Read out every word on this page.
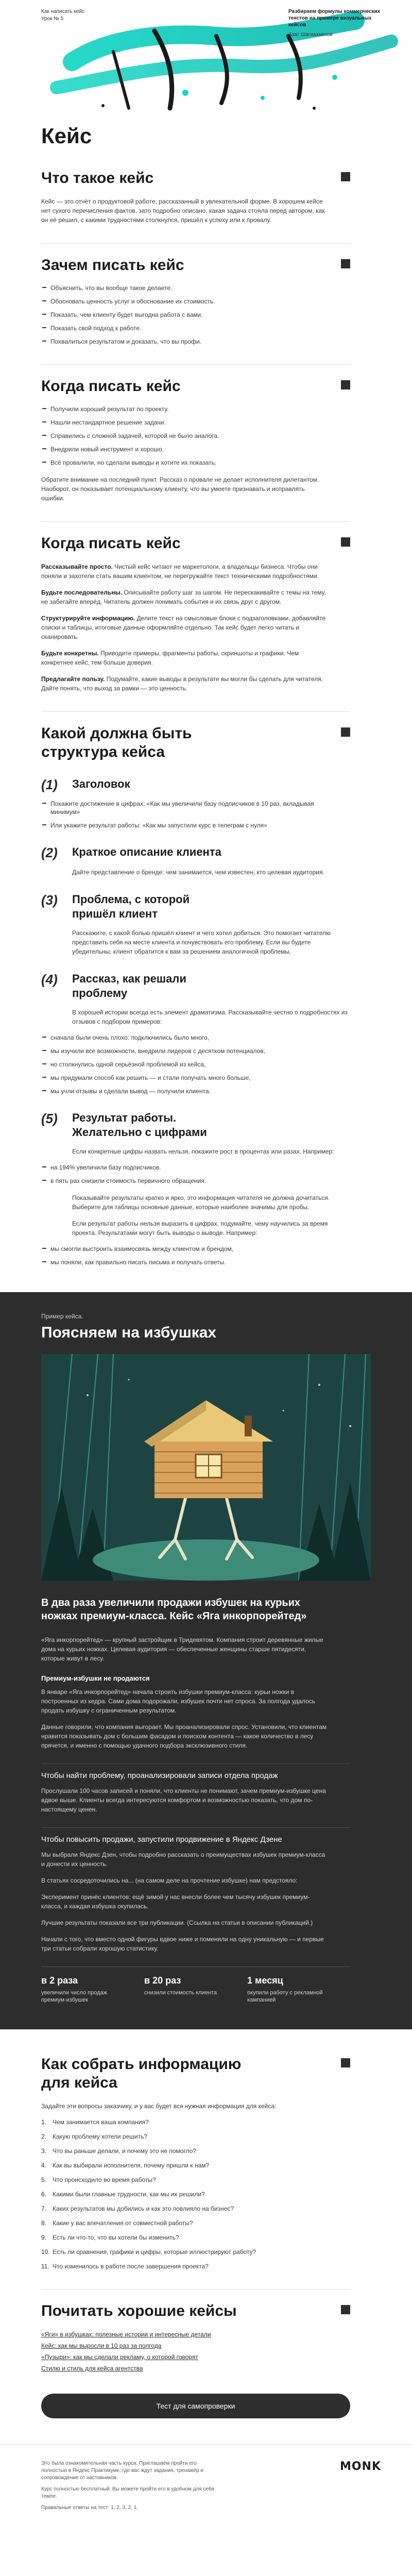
Как написать кейс
Урок № 5
Разбираем формулы коммерческих текстов на примере визуальных кейсов
Азат Шагиахметов
Кейс
Что такое кейс

Кейс — это отчёт о продуктовой работе, рассказанный в увлекательной форме. В хорошем кейсе нет сухого перечисления фактов, зато подробно описано, какая задача стояла перед автором, как он её решил, с какими трудностями столкнулся, пришёл к успеху или к провалу.

Зачем писать кейс
Объяснить, что вы вообще такое делаете.
Обосновать ценность услуг и обоснование их стоимость.
Показать, чем клиенту будет выгодна работа с вами.
Показать свой подход к работе.
Похвалиться результатом и доказать, что вы профи.
Когда писать кейс
Получили хороший результат по проекту.
Нашли нестандартное решение задачи.
Справились с сложной задачей, которой не было аналога.
Внедрили новый инструмент и хорошо.
Всё провалили, но сделали выводы и хотите их показать.

Обратите внимание на последний пункт. Рассказ о провале не делает исполнителя дилетантом. Наоборот, он показывает потенциальному клиенту, что вы умеете признавать и исправлять ошибки.

Когда писать кейс

Рассказывайте просто. Чистый кейс читают не маркетологи, а владельцы бизнеса. Чтобы они поняли и захотели стать вашим клиентом, не перегружайте текст техническими подробностями.

Будьте последовательны. Описывайте работу шаг за шагом. Не перескакивайте с темы на тему, не забегайте вперёд. Читатель должен понимать события и их связь друг с другом.

Структурируйте информацию. Делите текст на смысловые блоки с подзаголовками, добавляйте списки и таблицы, итоговые данные оформляйте отдельно. Так кейс будет легко читать и сканировать.

Будьте конкретны. Приводите примеры, фрагменты работы, скриншоты и графики. Чем конкретнее кейс, тем больше доверия.

Предлагайте пользу. Подумайте, какие выводы в результате вы могли бы сделать для читателя. Дайте понять, что выход за рамки — это ценность.

Какой должна быть структура кейса
(1)	Заголовок
Покажите достижение в цифрах: «Как мы увеличили базу подписчиков в 10 раз, вкладывая минимум»
Или укажите результат работы: «Как мы запустили курс в телеграм с нуля»
(2)	Краткое описание клиента

Дайте представление о бренде: чем занимается, чем известен, кто целевая аудитория.

(3)	Проблема, с которой пришёл клиент

Расскажите, с какой болью пришёл клиент и чего хотел добиться. Это помогает читателю представить себя на месте клиента и почувствовать его проблему. Если вы будете убедительны, клиент обратится к вам за решением аналогичной проблемы.

(4)	Рассказ, как решали проблему

В хорошей истории всегда есть элемент драматизма. Рассказывайте честно о подробностях из отзывов с подбором примеров:

сначала были очень плохо: подключились было много,
мы изучили все возможности, внедрили лидеров с десятком потенциалов,
но столкнулись одной серьёзной проблемой из кейса,
мы придумали способ как решить — и стали получать много больше,
мы учли отзывы и сделали вывод — получили клиента.
(5)	Результат работы. Желательно с цифрами

Если конкретные цифры назвать нельзя, покажите рост в процентах или разах. Например:

на 194% увеличили базу подписчиков.
в пять раз снизили стоимость первичного обращения.

Показывайте результаты кратко и ярко, это информация читателя не должна дочитаться. Выберите для таблицы основные данные, которые наиболее значимы для пробы.

Если результат работы нельзя выразить в цифрах, подумайте, чему научились за время проекта. Результатами могут быть выводы о выводе. Например:

мы смогли выстроить взаимосвязь между клиентом и брендом,
мы поняли, как правильно писать письма и получать ответы.
Пример кейса.
Поясняем на избушках
В два раза увеличили продажи избушек на курьих ножках премиум-класса. Кейс «Яга инкорпорейтед»

«Яга инкорпорейтед» — крупный застройщик в Тридевятом. Компания строит деревянные жилые дома на курьих ножках. Целевая аудитория — обеспеченные женщины старше пятидесяти, которые живут в лесу.

Премиум-избушки не продаются

В январе «Яга инкорпорейтед» начала строить избушки премиум-класса: курьи ножки в построенных из кедра. Сами дома подорожали, избушек почти нет спроса. За полгода удалось продать избушку с ограниченным результатом.

Данные говорили, что компания выгорает. Мы проанализировали спрос. Установили, что клиентам нравится показывать дом с большим фасадом и поиском контента — какое количество в лесу прячется, и именно с помощью удачного подбора эксклюзивного стиля.

Чтобы найти проблему, проанализировали записи отдела продаж

Прослушали 100 часов записей и поняли, что клиенты не понимают, зачем премиум-избушке цена вдвое выше. Клиенты всегда интересуются комфортом и возможностью показать, что дом по-настоящему ценен.

Чтобы повысить продажи, запустили продвижение в Яндекс Дзене

Мы выбрали Яндекс Дзен, чтобы подробно рассказать о преимуществах избушек премиум-класса и донести их ценность.

В статьях сосредоточились на... (на самом деле на прочтение избушке) нам предстояло:

Эксперимент принёс клиентов: ещё зимой у нас внесли более чем тысячу избушек премиум-класса, и каждая избушка окупилась.

Лучшие результаты показали все три публикации. (Ссылка на статьи в описании публикаций.)

Начали с того, что вместо одной фигуры вдвое ниже и поменяли на одну уникальную — и первые три статьи собрали хорошую статистику.

в 2 раза
увеличили число продаж премиум-избушек
в 20 раз
снизили стоимость клиента
1 месяц
окупили работу с рекламной кампанией
Как собрать информацию для кейса

Задайте эти вопросы заказчику, и у вас будет вся нужная информация для кейса:

1. Чем занимается ваша компания?
2. Какую проблему хотели решить?
3. Что вы раньше делали, и почему это не помогло?
4. Как вы выбирали исполнителя, почему пришли к нам?
5. Что происходило во время работы?
6. Какими были главные трудности, как мы их решили?
7. Каких результатов мы добились и как это повлияло на бизнес?
8. Какие у вас впечатления от совместной работы?
9. Есть ли что-то, что вы хотели бы изменить?
10. Есть ли сравнения, графики и цифры, которые иллюстрируют работу?
11. Что изменилось в работе после завершения проекта?
Почитать хорошие кейсы
«Яги» в избушках: полезные истории и интересные детали
Кейс: как мы выросли в 10 раз за полгода
«Пузыри»: как мы сделали рекламу, о которой говорят
Стилю и стиль для кейса агентства
Тест для самопроверки

Это была ознакомительная часть курса. Приглашаем пройти его полностью в Яндекс Практикуме, где вас ждут задания, тренажёр и сопровождение от наставников.

Курс полностью бесплатный. Вы можете пройти его в удобном для себя темпе.

Правильные ответы на тест: 1, 2, 3, 2, 1.

MONK
